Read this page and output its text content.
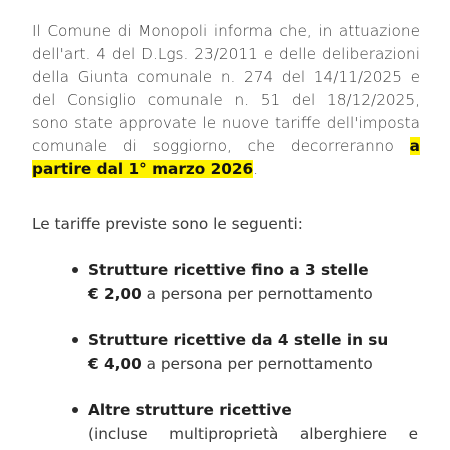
Il Comune di Monopoli informa che, in attuazione dell'art. 4 del D.Lgs. 23/2011 e delle deliberazioni della Giunta comunale n. 274 del 14/11/2025 e del Consiglio comunale n. 51 del 18/12/2025, sono state approvate le nuove tariffe dell'imposta comunale di soggiorno, che decorreranno a partire dal 1° marzo 2026.

Le tariffe previste sono le seguenti:

Strutture ricettive fino a 3 stelle
€ 2,00 a persona per pernottamento
Strutture ricettive da 4 stelle in su
€ 4,00 a persona per pernottamento
Altre strutture ricettive
(incluse multiproprietà alberghiere e
